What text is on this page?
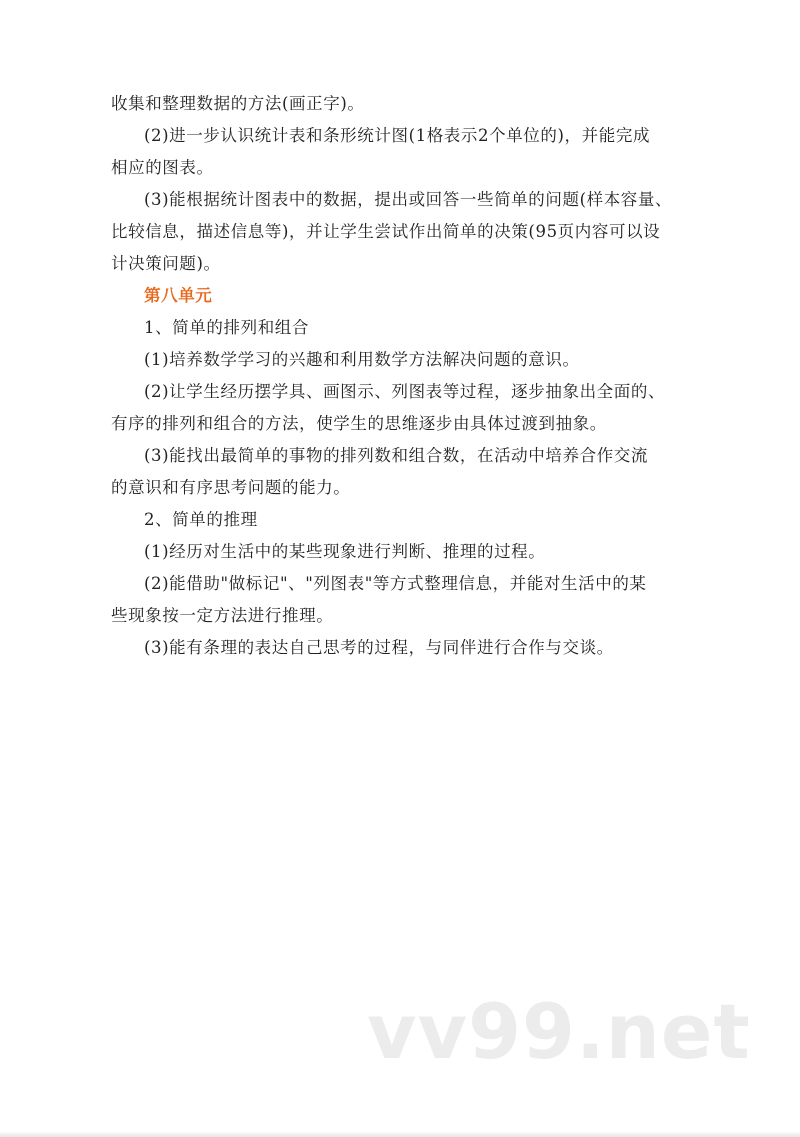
收集和整理数据的方法(画正字)。
(2)进一步认识统计表和条形统计图(1格表示2个单位的)，并能完成
相应的图表。
(3)能根据统计图表中的数据，提出或回答一些简单的问题(样本容量、
比较信息，描述信息等)，并让学生尝试作出简单的决策(95页内容可以设
计决策问题)。
第八单元
1、简单的排列和组合
(1)培养数学学习的兴趣和利用数学方法解决问题的意识。
(2)让学生经历摆学具、画图示、列图表等过程，逐步抽象出全面的、
有序的排列和组合的方法，使学生的思维逐步由具体过渡到抽象。
(3)能找出最简单的事物的排列数和组合数，在活动中培养合作交流
的意识和有序思考问题的能力。
2、简单的推理
(1)经历对生活中的某些现象进行判断、推理的过程。
(2)能借助"做标记"、"列图表"等方式整理信息，并能对生活中的某
些现象按一定方法进行推理。
(3)能有条理的表达自己思考的过程，与同伴进行合作与交谈。
vv99.net
